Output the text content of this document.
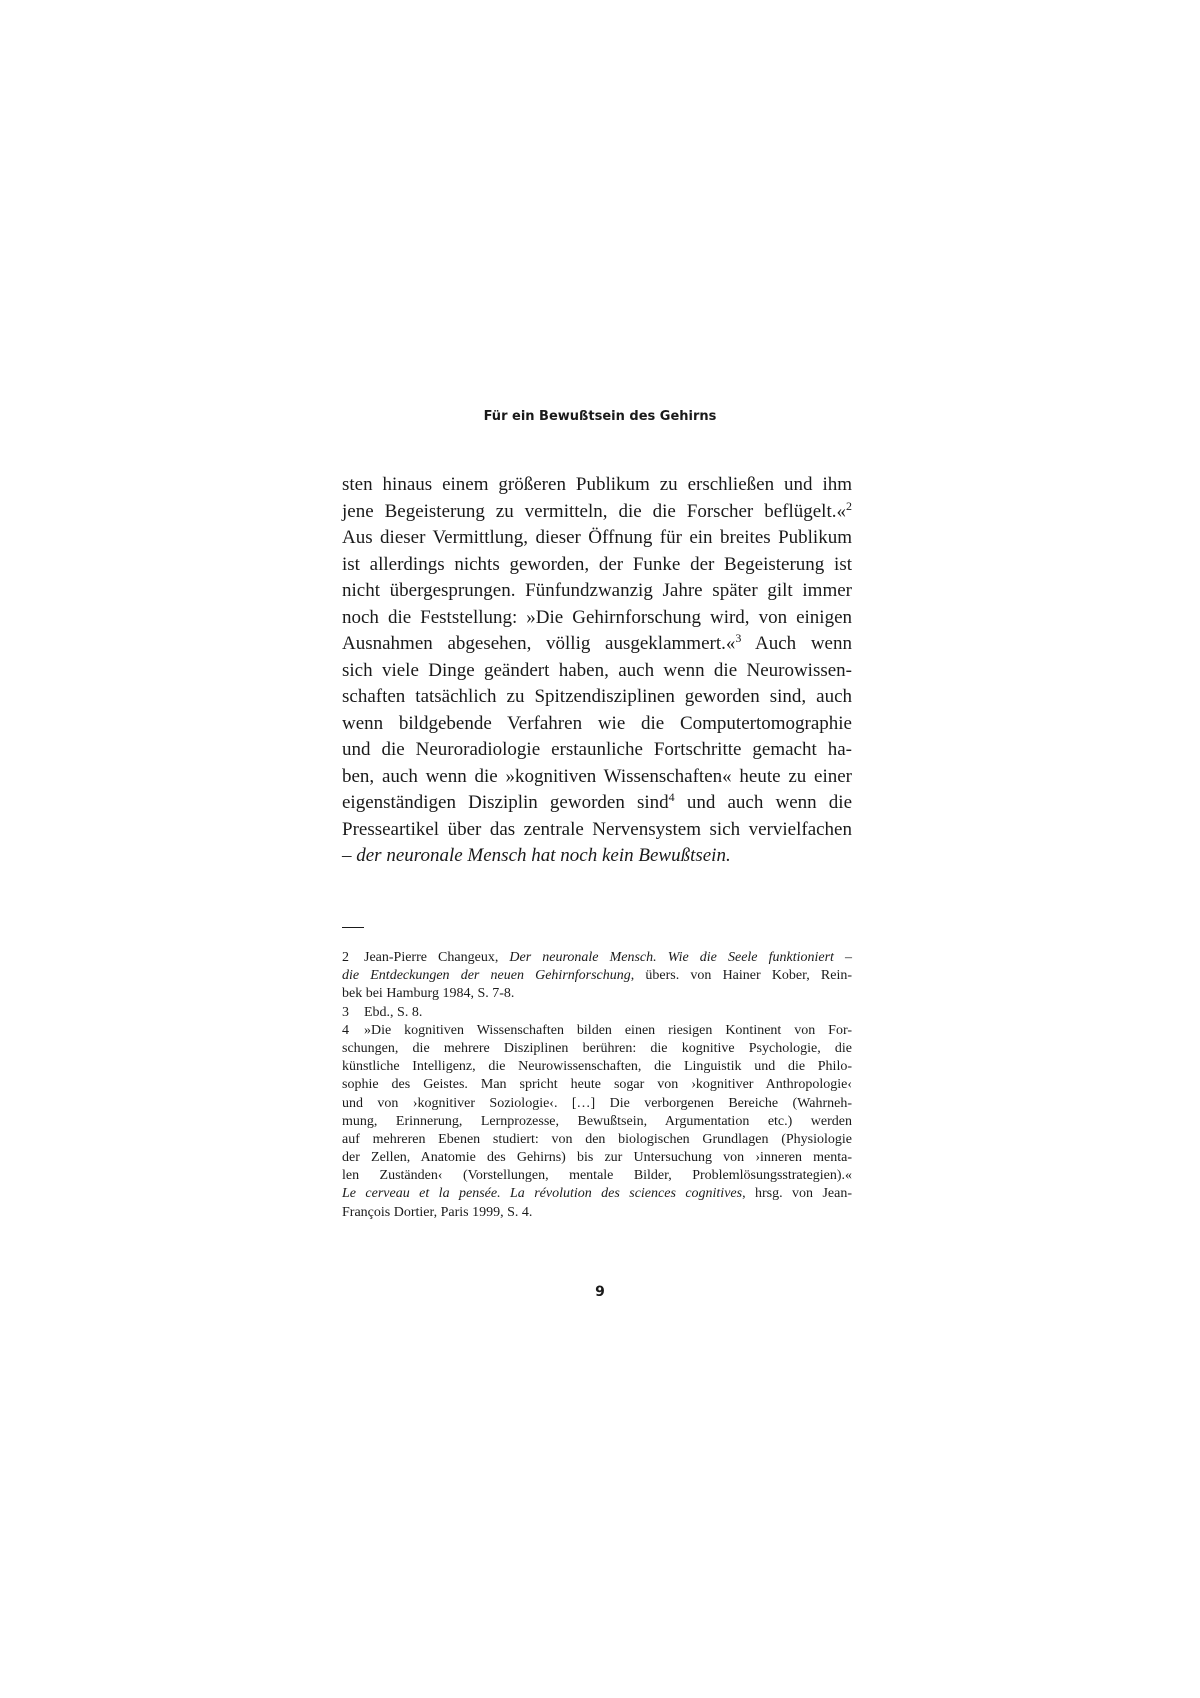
Für ein Bewußtsein des Gehirns
sten hinaus einem größeren Publikum zu erschließen und ihm
jene Begeisterung zu vermitteln, die die Forscher beflügelt.«$^2$
Aus dieser Vermittlung, dieser Öffnung für ein breites Publikum
ist allerdings nichts geworden, der Funke der Begeisterung ist
nicht übergesprungen. Fünfundzwanzig Jahre später gilt immer
noch die Feststellung: »Die Gehirnforschung wird, von einigen
Ausnahmen abgesehen, völlig ausgeklammert.«$^3$ Auch wenn
sich viele Dinge geändert haben, auch wenn die Neurowissen-
schaften tatsächlich zu Spitzendisziplinen geworden sind, auch
wenn bildgebende Verfahren wie die Computertomographie
und die Neuroradiologie erstaunliche Fortschritte gemacht ha-
ben, auch wenn die »kognitiven Wissenschaften« heute zu einer
eigenständigen Disziplin geworden sind$^4$ und auch wenn die
Presseartikel über das zentrale Nervensystem sich vervielfachen
– der neuronale Mensch hat noch kein Bewußtsein.
2 Jean-Pierre Changeux, Der neuronale Mensch. Wie die Seele funktioniert –
die Entdeckungen der neuen Gehirnforschung, übers. von Hainer Kober, Rein-
bek bei Hamburg 1984, S. 7-8.
3 Ebd., S. 8.
4 »Die kognitiven Wissenschaften bilden einen riesigen Kontinent von For-
schungen, die mehrere Disziplinen berühren: die kognitive Psychologie, die
künstliche Intelligenz, die Neurowissenschaften, die Linguistik und die Philo-
sophie des Geistes. Man spricht heute sogar von ›kognitiver Anthropologie‹
und von ›kognitiver Soziologie‹. […] Die verborgenen Bereiche (Wahrneh-
mung, Erinnerung, Lernprozesse, Bewußtsein, Argumentation etc.) werden
auf mehreren Ebenen studiert: von den biologischen Grundlagen (Physiologie
der Zellen, Anatomie des Gehirns) bis zur Untersuchung von ›inneren menta-
len Zuständen‹ (Vorstellungen, mentale Bilder, Problemlösungsstrategien).«
Le cerveau et la pensée. La révolution des sciences cognitives, hrsg. von Jean-
François Dortier, Paris 1999, S. 4.
9
